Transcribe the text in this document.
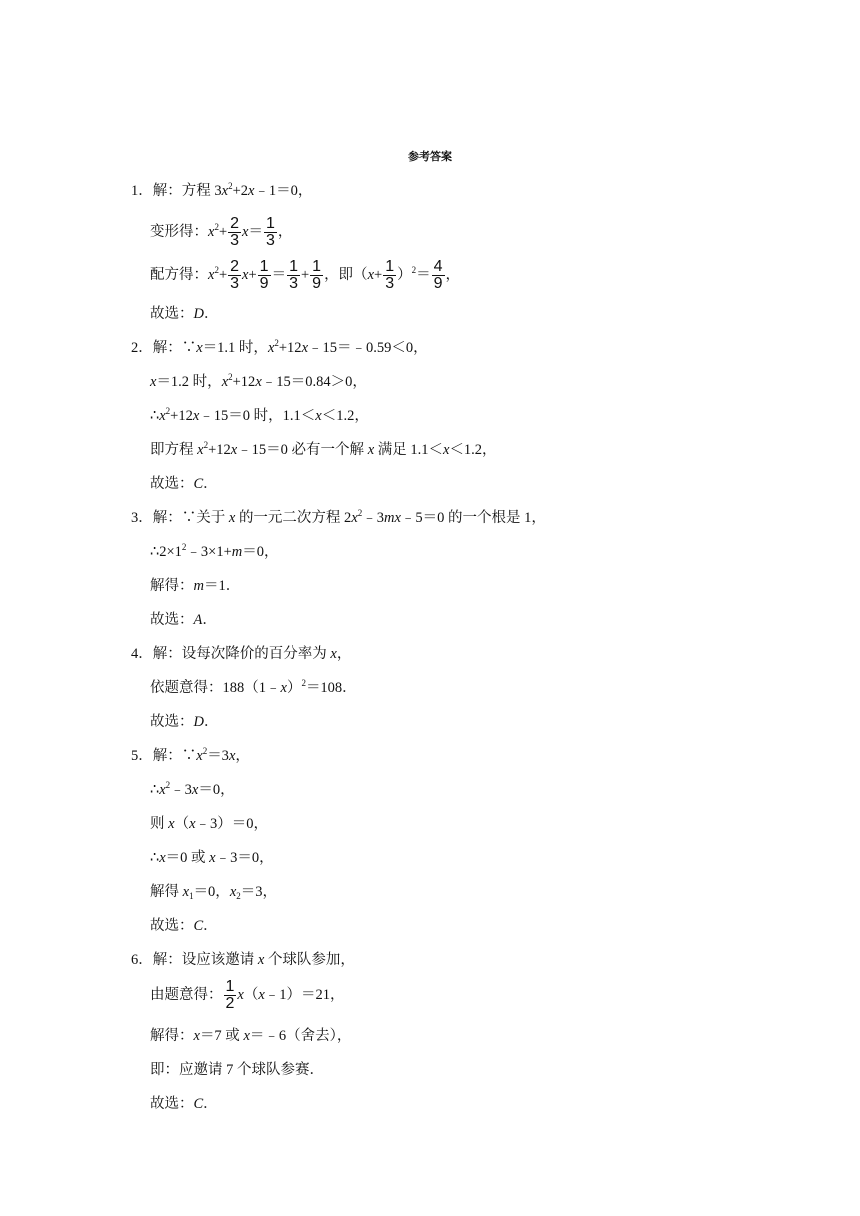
参考答案
1．解：方程 $3x^2+2x﹣1=0$，
变形得：$x^2+ \frac{2}{3} x= \frac{1}{3}$ ，
配方得：$x^2+ \frac{2}{3} x+ \frac{1}{9} = \frac{1}{3} + \frac{1}{9}$ ，即$(x+ \frac{1}{3} )^2= \frac{4}{9}$ ，
故选：D．
2．解：∵x＝1.1 时，$x^2+12x﹣15=﹣0.59<0$，
x＝1.2 时，$x^2+12x﹣15=0.84>0$，
$\therefore x^2+12x﹣15=0$ 时，1.1＜x＜1.2，
即方程 $x^2+12x﹣15=0$ 必有一个解 x 满足 1.1＜x＜1.2，
故选：C．
3．解：∵关于 x 的一元二次方程 $2x^2﹣3mx﹣5=0$ 的一个根是 1，
$\therefore 2\times 1^2﹣3\times 1+m=0$，
解得：m＝1．
故选：A．
4．解：设每次降价的百分率为 x，
依题意得：188（1﹣x）$^2$＝108．
故选：D．
5．解：$\because x^2=3x$，
$\therefore x^2﹣3x=0$，
则 x（x﹣3）＝0，
∴x＝0 或 x﹣3＝0，
解得 $x_1=0$，$x_2=3$，
故选：C．
6．解：设应该邀请 x 个球队参加，
由题意得： $\frac{1}{2}$ x（x﹣1）＝21，
解得：x＝7 或 x＝﹣6（舍去），
即：应邀请 7 个球队参赛．
故选：C．
